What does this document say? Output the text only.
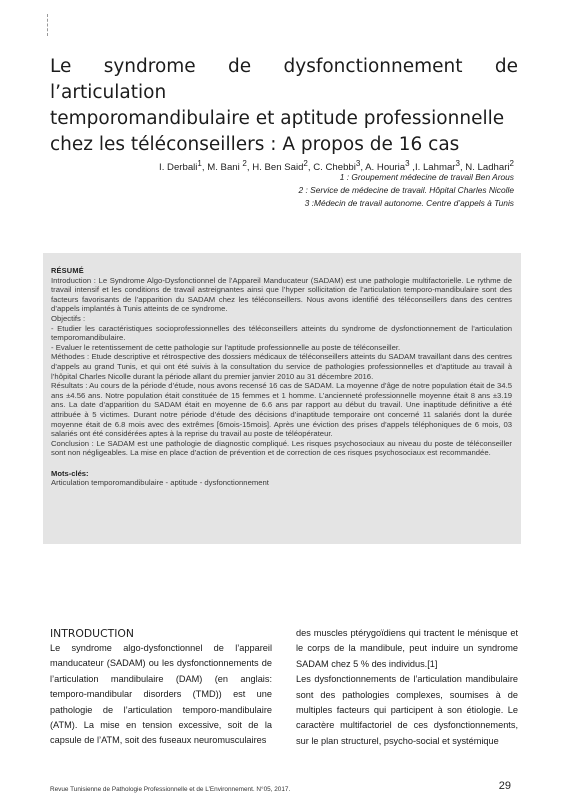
Le syndrome de dysfonctionnement de l’articulation
temporomandibulaire et aptitude professionnelle
chez les téléconseillers : A propos de 16 cas
I. Derbali$^1$, M. Bani $^2$, H. Ben Said$^2$, C. Chebbi$^3$, A. Houria$^3$ ,I. Lahmar$^3$, N. Ladhari$^2$
1 : Groupement médecine de travail Ben Arous
2 : Service de médecine de travail. Hôpital Charles Nicolle
3 :Médecin de travail autonome. Centre d’appels à Tunis

RÉSUMÉ

Introduction : Le Syndrome Algo-Dysfonctionnel de l’Appareil Manducateur (SADAM) est une pathologie multifactorielle. Le rythme de travail intensif et les conditions de travail astreignantes ainsi que l’hyper sollicitation de l’articulation temporo-mandibulaire sont des facteurs favorisants de l’apparition du SADAM chez les téléconseillers. Nous avons identifié des téléconseillers dans des centres d’appels implantés à Tunis atteints de ce syndrome.

Objectifs :

- Etudier les caractéristiques socioprofessionnelles des téléconseillers atteints du syndrome de dysfonctionnement de l’articulation temporomandibulaire.

- Evaluer le retentissement de cette pathologie sur l’aptitude professionnelle au poste de téléconseiller.

Méthodes : Etude descriptive et rétrospective des dossiers médicaux de téléconseillers atteints du SADAM travaillant dans des centres d’appels au grand Tunis, et qui ont été suivis à la consultation du service de pathologies professionnelles et d’aptitude au travail à l’hôpital Charles Nicolle durant la période allant du premier janvier 2010 au 31 décembre 2016.

Résultats : Au cours de la période d’étude, nous avons recensé 16 cas de SADAM. La moyenne d’âge de notre population était de 34.5 ans ±4.56 ans. Notre population était constituée de 15 femmes et 1 homme. L’ancienneté professionnelle moyenne était 8 ans ±3.19 ans. La date d’apparition du SADAM était en moyenne de 6.6 ans par rapport au début du travail. Une inaptitude définitive a été attribuée à 5 victimes. Durant notre période d’étude des décisions d’inaptitude temporaire ont concerné 11 salariés dont la durée moyenne était de 6.8 mois avec des extrêmes [6mois-15mois]. Après une éviction des prises d’appels téléphoniques de 6 mois, 03 salariés ont été considérées aptes à la reprise du travail au poste de téléopérateur.

Conclusion : Le SADAM est une pathologie de diagnostic compliqué. Les risques psychosociaux au niveau du poste de téléconseiller sont non négligeables. La mise en place d’action de prévention et de correction de ces risques psychosociaux est recommandée.

Mots-clés:

Articulation temporomandibulaire - aptitude - dysfonctionnement

INTRODUCTION

Le syndrome algo-dysfonctionnel de l’appareil manducateur (SADAM) ou les dysfonctionnements de l’articulation mandibulaire (DAM) (en anglais: temporo-mandibular disorders (TMD)) est une pathologie de l’articulation temporo-mandibulaire (ATM). La mise en tension excessive, soit de la capsule de l’ATM, soit des fuseaux neuromusculaires

des muscles ptérygoïdiens qui tractent le ménisque et le corps de la mandibule, peut induire un syndrome SADAM chez 5 % des individus.[1]

Les dysfonctionnements de l’articulation mandibulaire sont des pathologies complexes, soumises à de multiples facteurs qui participent à son étiologie. Le caractère multifactoriel de ces dysfonctionnements, sur le plan structurel, psycho-social et systémique

Revue Tunisienne de Pathologie Professionnelle et de L’Environnement. N°05, 2017.	29
